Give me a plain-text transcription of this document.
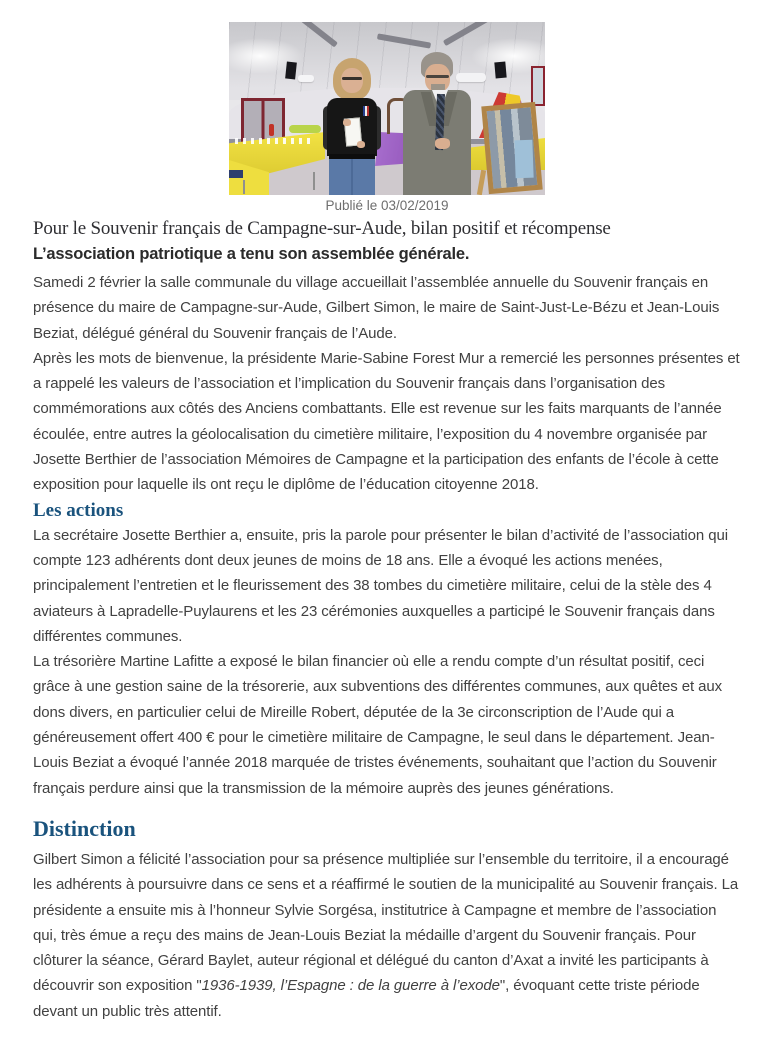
Publié le 03/02/2019
Pour le Souvenir français de Campagne-sur-Aude, bilan positif et récompense

L’association patriotique a tenu son assemblée générale.

Samedi 2 février la salle communale du village accueillait l’assemblée annuelle du Souvenir français en présence du maire de Campagne-sur-Aude, Gilbert Simon, le maire de Saint-Just-Le-Bézu et Jean-Louis Beziat, délégué général du Souvenir français de l’Aude.

Après les mots de bienvenue, la présidente Marie-Sabine Forest Mur a remercié les personnes présentes et a rappelé les valeurs de l’association et l’implication du Souvenir français dans l’organisation des commémorations aux côtés des Anciens combattants. Elle est revenue sur les faits marquants de l’année écoulée, entre autres la géolocalisation du cimetière militaire, l’exposition du 4 novembre organisée par Josette Berthier de l’association Mémoires de Campagne et la participation des enfants de l’école à cette exposition pour laquelle ils ont reçu le diplôme de l’éducation citoyenne 2018.

Les actions

La secrétaire Josette Berthier a, ensuite, pris la parole pour présenter le bilan d’activité de l’association qui compte 123 adhérents dont deux jeunes de moins de 18 ans. Elle a évoqué les actions menées, principalement l’entretien et le fleurissement des 38 tombes du cimetière militaire, celui de la stèle des 4 aviateurs à Lapradelle-Puylaurens et les 23 cérémonies auxquelles a participé le Souvenir français dans différentes communes.

La trésorière Martine Lafitte a exposé le bilan financier où elle a rendu compte d’un résultat positif, ceci grâce à une gestion saine de la trésorerie, aux subventions des différentes communes, aux quêtes et aux dons divers, en particulier celui de Mireille Robert, députée de la 3e circonscription de l’Aude qui a généreusement offert 400 € pour le cimetière militaire de Campagne, le seul dans le département. Jean-Louis Beziat a évoqué l’année 2018 marquée de tristes événements, souhaitant que l’action du Souvenir français perdure ainsi que la transmission de la mémoire auprès des jeunes générations.

Distinction

Gilbert Simon a félicité l’association pour sa présence multipliée sur l’ensemble du territoire, il a encouragé les adhérents à poursuivre dans ce sens et a réaffirmé le soutien de la municipalité au Souvenir français. La présidente a ensuite mis à l’honneur Sylvie Sorgésa, institutrice à Campagne et membre de l’association qui, très émue a reçu des mains de Jean-Louis Beziat la médaille d’argent du Souvenir français. Pour clôturer la séance, Gérard Baylet, auteur régional et délégué du canton d’Axat a invité les participants à découvrir son exposition "1936-1939, l’Espagne : de la guerre à l’exode", évoquant cette triste période devant un public très attentif.
